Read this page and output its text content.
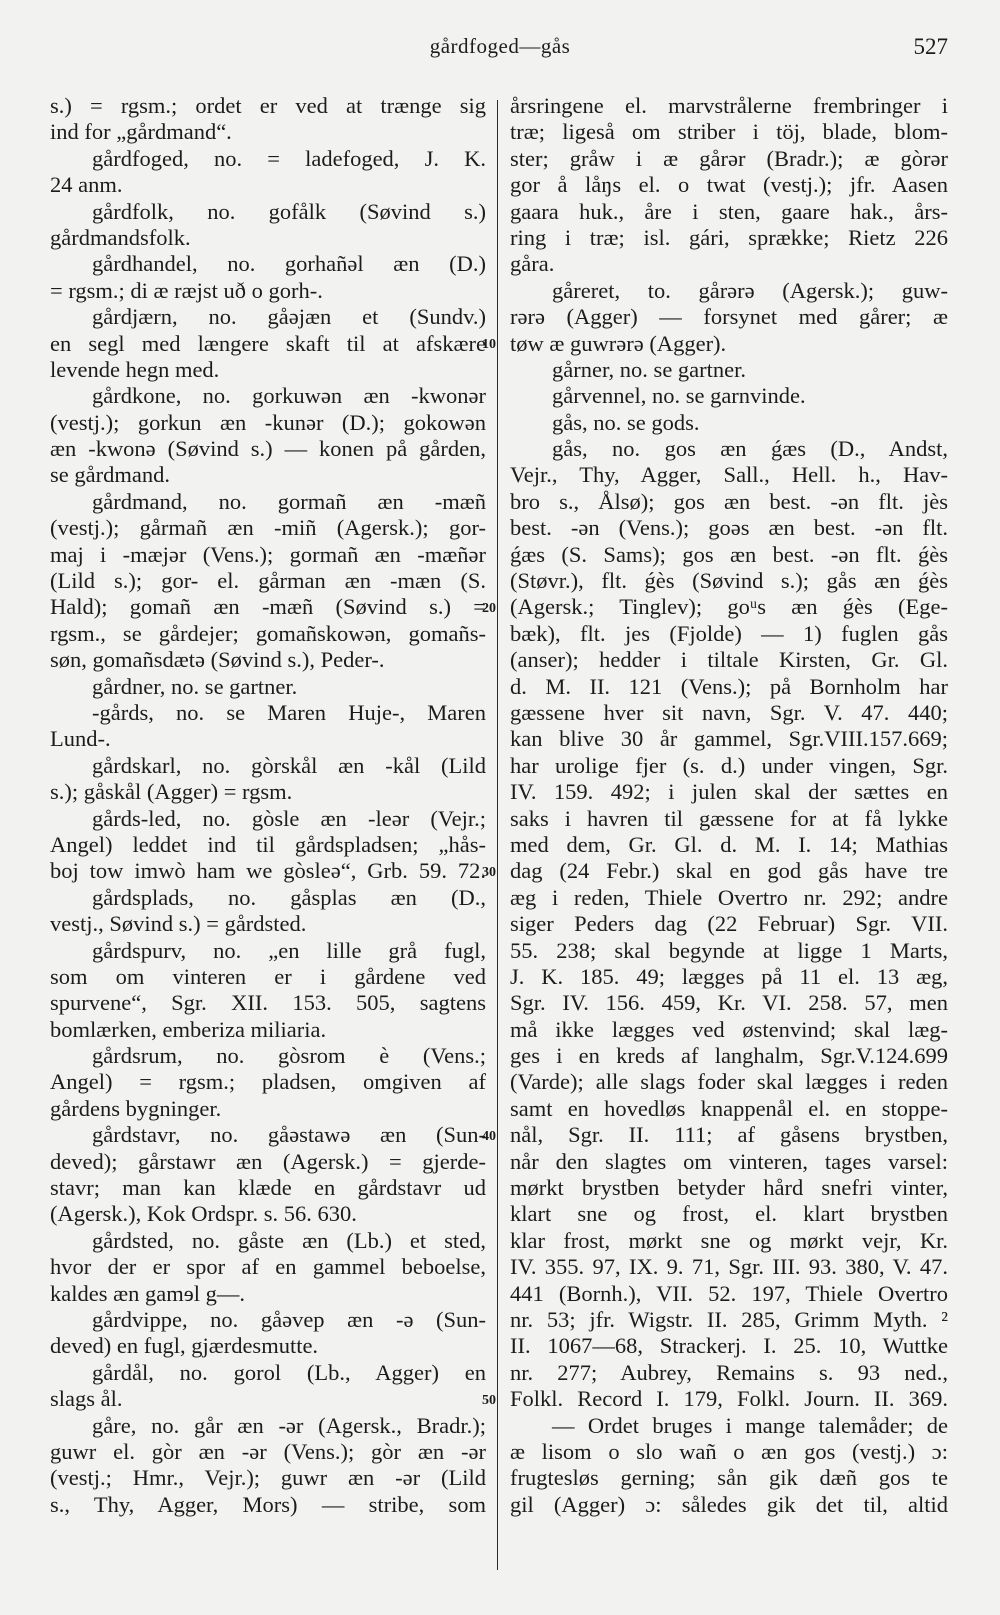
gårdfoged—gås	527
s.) = rgsm.; ordet er ved at trænge sig
ind for „gårdmand“.
gårdfoged, no. = ladefoged, J. K.
24 anm.
gårdfolk, no. gofålk (Søvind s.)
gårdmandsfolk.
gårdhandel, no. gorhañəl æn (D.)
= rgsm.; di æ ræjst uð o gorh-.
gårdjærn, no. gåəjæn et (Sundv.)
en segl med længere skaft til at afskære
levende hegn med.
gårdkone, no. gorkuwən æn -kwonər
(vestj.); gorkun æn -kunər (D.); gokowən
æn -kwonə (Søvind s.) — konen på gården,
se gårdmand.
gårdmand, no. gormañ æn -mæñ
(vestj.); gårmañ æn -miñ (Agersk.); gor-
maj i -mæjər (Vens.); gormañ æn -mæñər
(Lild s.); gor- el. gårman æn -mæn (S.
Hald); gomañ æn -mæñ (Søvind s.) =
rgsm., se gårdejer; gomañskowən, gomañs-
søn, gomañsdætə (Søvind s.), Peder-.
gårdner, no. se gartner.
-gårds, no. se Maren Huje-, Maren
Lund-.
gårdskarl, no. gòrskål æn -kål (Lild
s.); gåskål (Agger) = rgsm.
gårds-led, no. gòsle æn -leər (Vejr.;
Angel) leddet ind til gårdspladsen; „hås-
boj tow imwò ham we gòsleə“, Grb. 59. 72.
gårdsplads, no. gåsplas æn (D.,
vestj., Søvind s.) = gårdsted.
gårdspurv, no. „en lille grå fugl,
som om vinteren er i gårdene ved
spurvene“, Sgr. XII. 153. 505, sagtens
bomlærken, emberiza miliaria.
gårdsrum, no. gòsrom è (Vens.;
Angel) = rgsm.; pladsen, omgiven af
gårdens bygninger.
gårdstavr, no. gåəstawə æn (Sun-
deved); gårstawr æn (Agersk.) = gjerde-
stavr; man kan klæde en gårdstavr ud
(Agersk.), Kok Ordspr. s. 56. 630.
gårdsted, no. gåste æn (Lb.) et sted,
hvor der er spor af en gammel beboelse,
kaldes æn gamɘl g—.
gårdvippe, no. gåəvep æn -ə (Sun-
deved) en fugl, gjærdesmutte.
gårdål, no. gorol (Lb., Agger) en
slags ål.
gåre, no. går æn -ər (Agersk., Bradr.);
guwr el. gòr æn -ər (Vens.); gòr æn -ər
(vestj.; Hmr., Vejr.); guwr æn -ər (Lild
s., Thy, Agger, Mors) — stribe, som
10
20
30
40
50
årsringene el. marvstrålerne frembringer i
træ; ligeså om striber i töj, blade, blom-
ster; gråw i æ gårər (Bradr.); æ gòrər
gor å låŋs el. o twat (vestj.); jfr. Aasen
gaara huk., åre i sten, gaare hak., års-
ring i træ; isl. gári, sprække; Rietz 226
gåra.
gåreret, to. gårərə (Agersk.); guw-
rərə (Agger) — forsynet med gårer; æ
tøw æ guwrərə (Agger).
gårner, no. se gartner.
gårvennel, no. se garnvinde.
gås, no. se gods.
gås, no. gos æn ǵæs (D., Andst,
Vejr., Thy, Agger, Sall., Hell. h., Hav-
bro s., Ålsø); gos æn best. -ən flt. jès
best. -ən (Vens.); goəs æn best. -ən flt.
ǵæs (S. Sams); gos æn best. -ən flt. ǵès
(Støvr.), flt. ǵès (Søvind s.); gås æn ǵès
(Agersk.; Tinglev); goᵘs æn ǵès (Ege-
bæk), flt. jes (Fjolde) — 1) fuglen gås
(anser); hedder i tiltale Kirsten, Gr. Gl.
d. M. II. 121 (Vens.); på Bornholm har
gæssene hver sit navn, Sgr. V. 47. 440;
kan blive 30 år gammel, Sgr.VIII.157.669;
har urolige fjer (s. d.) under vingen, Sgr.
IV. 159. 492; i julen skal der sættes en
saks i havren til gæssene for at få lykke
med dem, Gr. Gl. d. M. I. 14; Mathias
dag (24 Febr.) skal en god gås have tre
æg i reden, Thiele Overtro nr. 292; andre
siger Peders dag (22 Februar) Sgr. VII.
55. 238; skal begynde at ligge 1 Marts,
J. K. 185. 49; lægges på 11 el. 13 æg,
Sgr. IV. 156. 459, Kr. VI. 258. 57, men
må ikke lægges ved østenvind; skal læg-
ges i en kreds af langhalm, Sgr.V.124.699
(Varde); alle slags foder skal lægges i reden
samt en hovedløs knappenål el. en stoppe-
nål, Sgr. II. 111; af gåsens brystben,
når den slagtes om vinteren, tages varsel:
mørkt brystben betyder hård snefri vinter,
klart sne og frost, el. klart brystben
klar frost, mørkt sne og mørkt vejr, Kr.
IV. 355. 97, IX. 9. 71, Sgr. III. 93. 380, V. 47.
441 (Bornh.), VII. 52. 197, Thiele Overtro
nr. 53; jfr. Wigstr. II. 285, Grimm Myth. ²
II. 1067—68, Strackerj. I. 25. 10, Wuttke
nr. 277; Aubrey, Remains s. 93 ned.,
Folkl. Record I. 179, Folkl. Journ. II. 369.
— Ordet bruges i mange talemåder; de
æ lisom o slo wañ o æn gos (vestj.) ɔ:
frugtesløs gerning; sån gik dæñ gos te
gil (Agger) ɔ: således gik det til, altid
